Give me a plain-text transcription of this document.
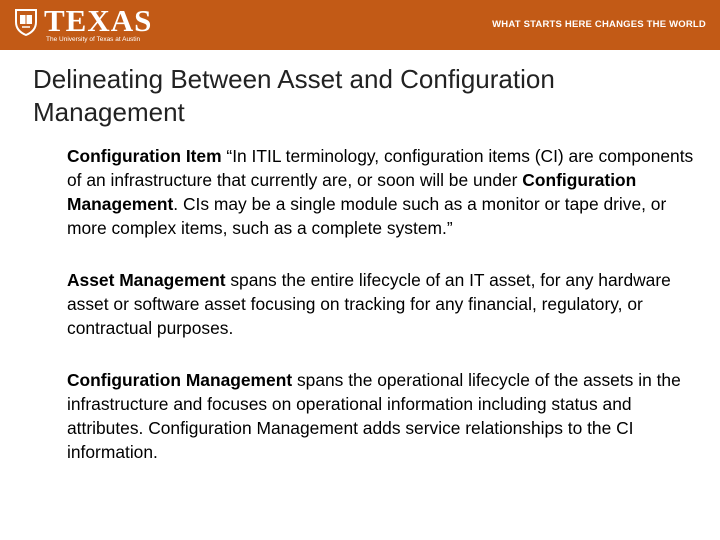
TEXAS
The University of Texas at Austin
WHAT STARTS HERE CHANGES THE WORLD
Delineating Between Asset and Configuration Management

Configuration Item “In ITIL terminology, configuration items (CI) are components of an infrastructure that currently are, or soon will be under Configuration Management. CIs may be a single module such as a monitor or tape drive, or more complex items, such as a complete system.”

Asset Management spans the entire lifecycle of an IT asset, for any hardware asset or software asset focusing on tracking for any financial, regulatory, or contractual purposes.

Configuration Management spans the operational lifecycle of the assets in the infrastructure and focuses on operational information including status and attributes. Configuration Management adds service relationships to the CI information.
